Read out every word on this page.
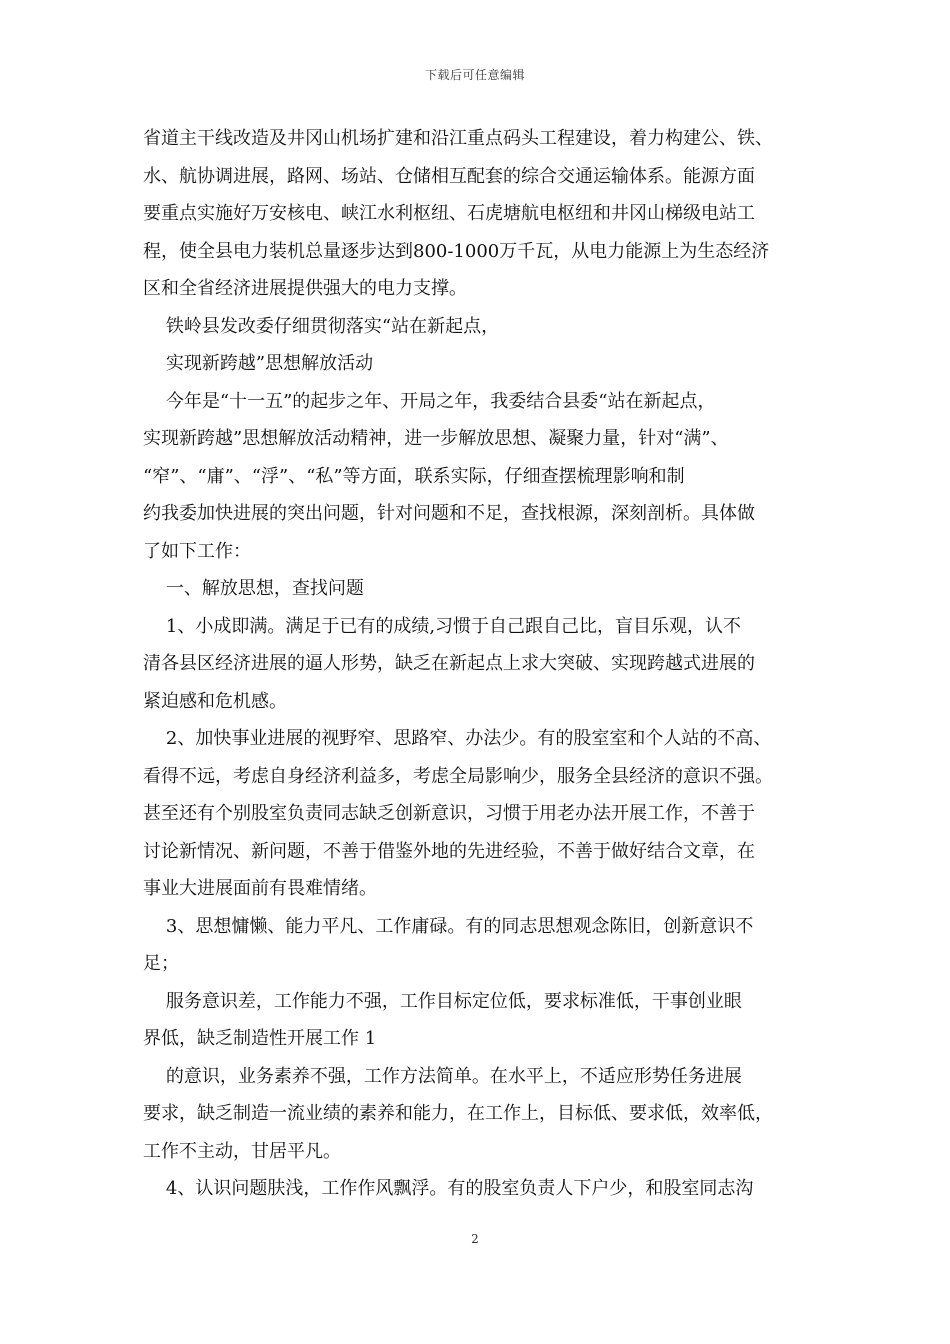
下载后可任意编辑
省道主干线改造及井冈山机场扩建和沿江重点码头工程建设，着力构建公、铁、
水、航协调进展，路网、场站、仓储相互配套的综合交通运输体系。能源方面
要重点实施好万安核电、峡江水利枢纽、石虎塘航电枢纽和井冈山梯级电站工
程，使全县电力装机总量逐步达到800-1000万千瓦，从电力能源上为生态经济
区和全省经济进展提供强大的电力支撑。
铁岭县发改委仔细贯彻落实“站在新起点，
实现新跨越”思想解放活动
今年是“十一五”的起步之年、开局之年，我委结合县委“站在新起点，
实现新跨越”思想解放活动精神，进一步解放思想、凝聚力量，针对“满”、
“窄”、“庸”、“浮”、“私”等方面，联系实际，仔细查摆梳理影响和制
约我委加快进展的突出问题，针对问题和不足，查找根源，深刻剖析。具体做
了如下工作：
一、解放思想，查找问题
1、小成即满。满足于已有的成绩,习惯于自己跟自己比，盲目乐观，认不
清各县区经济进展的逼人形势，缺乏在新起点上求大突破、实现跨越式进展的
紧迫感和危机感。
2、加快事业进展的视野窄、思路窄、办法少。有的股室室和个人站的不高、
看得不远，考虑自身经济利益多，考虑全局影响少，服务全县经济的意识不强。
甚至还有个别股室负责同志缺乏创新意识，习惯于用老办法开展工作，不善于
讨论新情况、新问题，不善于借鉴外地的先进经验，不善于做好结合文章，在
事业大进展面前有畏难情绪。
3、思想慵懒、能力平凡、工作庸碌。有的同志思想观念陈旧，创新意识不
足；
服务意识差，工作能力不强，工作目标定位低，要求标准低，干事创业眼
界低，缺乏制造性开展工作 1
的意识，业务素养不强，工作方法简单。在水平上，不适应形势任务进展
要求，缺乏制造一流业绩的素养和能力，在工作上，目标低、要求低，效率低，
工作不主动，甘居平凡。
4、认识问题肤浅，工作作风飘浮。有的股室负责人下户少，和股室同志沟
2
